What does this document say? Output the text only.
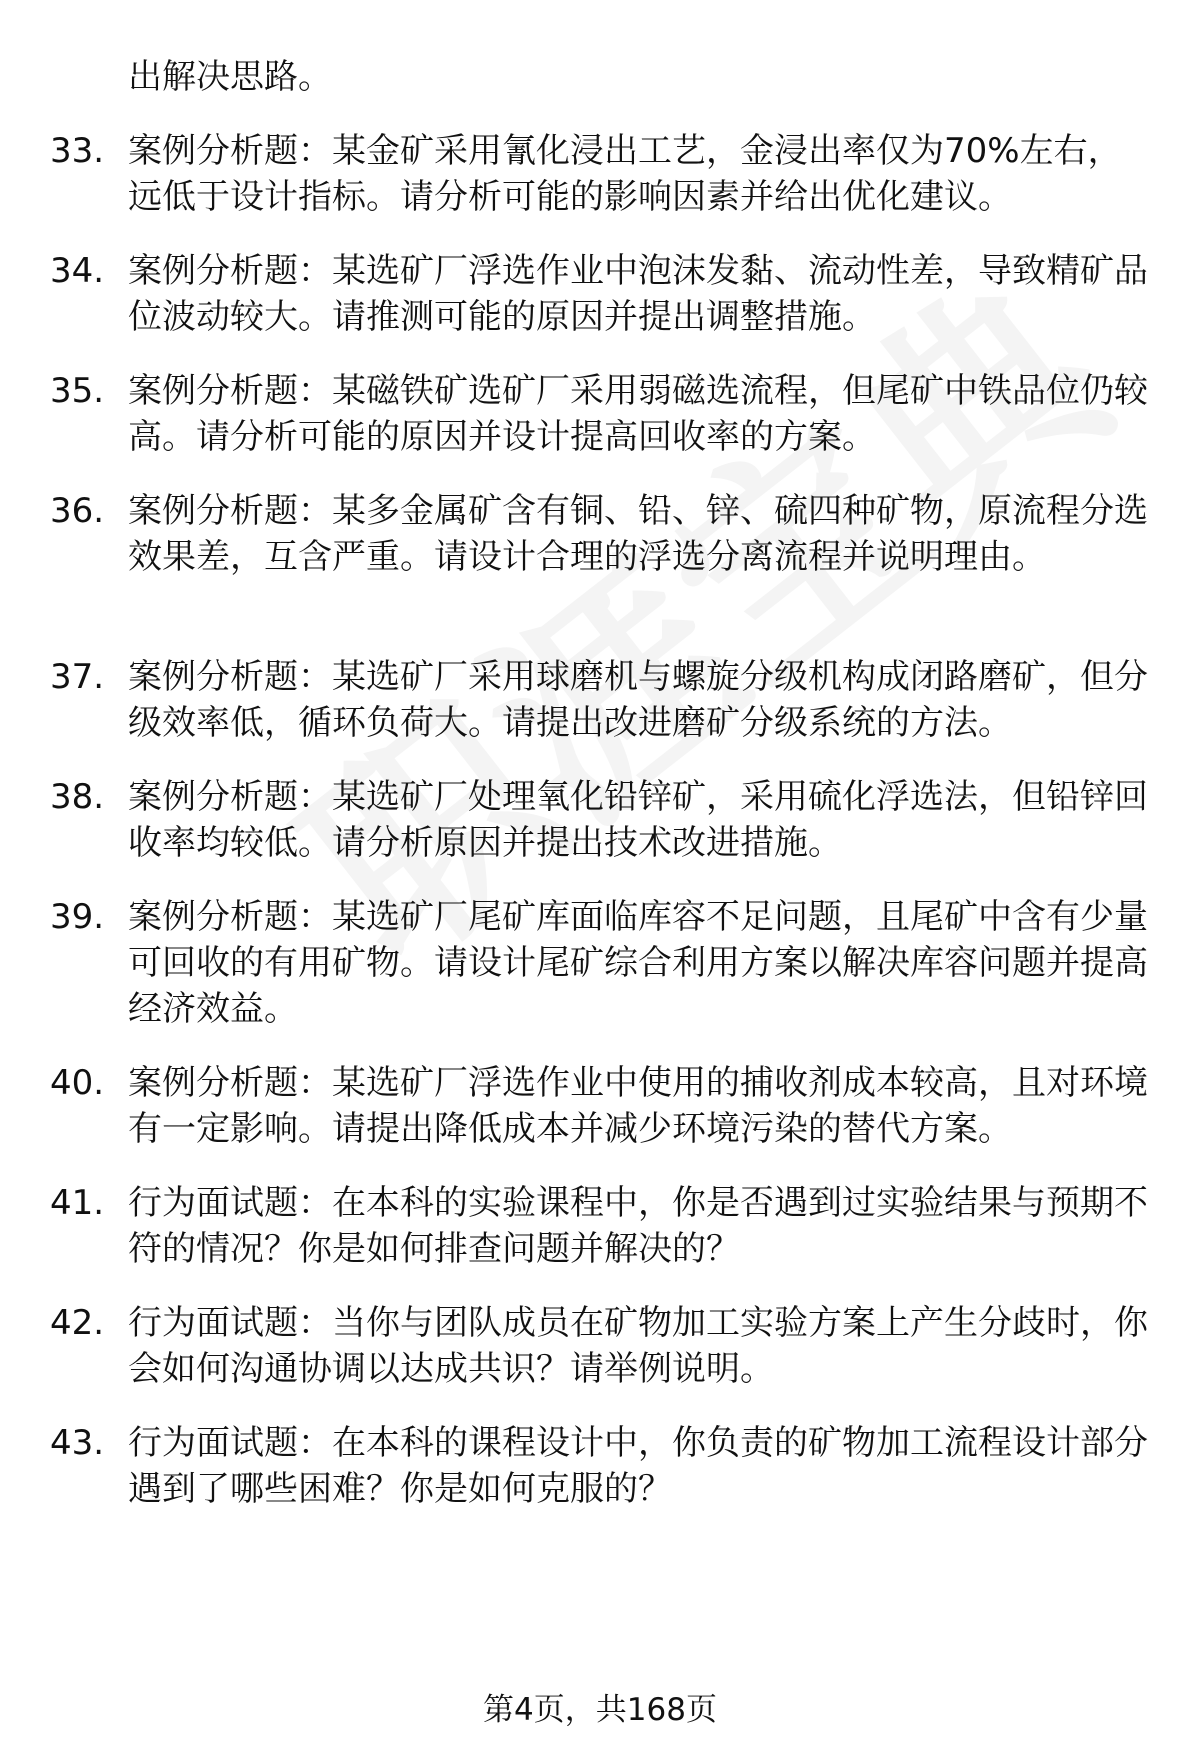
出解决思路。
33. 案例分析题：某金矿采用氰化浸出工艺，金浸出率仅为70%左右，远低于设计指标。请分析可能的影响因素并给出优化建议。
34. 案例分析题：某选矿厂浮选作业中泡沫发黏、流动性差，导致精矿品位波动较大。请推测可能的原因并提出调整措施。
35. 案例分析题：某磁铁矿选矿厂采用弱磁选流程，但尾矿中铁品位仍较高。请分析可能的原因并设计提高回收率的方案。
36. 案例分析题：某多金属矿含有铜、铅、锌、硫四种矿物，原流程分选效果差，互含严重。请设计合理的浮选分离流程并说明理由。
37. 案例分析题：某选矿厂采用球磨机与螺旋分级机构成闭路磨矿，但分级效率低，循环负荷大。请提出改进磨矿分级系统的方法。
38. 案例分析题：某选矿厂处理氧化铅锌矿，采用硫化浮选法，但铅锌回收率均较低。请分析原因并提出技术改进措施。
39. 案例分析题：某选矿厂尾矿库面临库容不足问题，且尾矿中含有少量可回收的有用矿物。请设计尾矿综合利用方案以解决库容问题并提高经济效益。
40. 案例分析题：某选矿厂浮选作业中使用的捕收剂成本较高，且对环境有一定影响。请提出降低成本并减少环境污染的替代方案。
41. 行为面试题：在本科的实验课程中，你是否遇到过实验结果与预期不符的情况？你是如何排查问题并解决的？
42. 行为面试题：当你与团队成员在矿物加工实验方案上产生分歧时，你会如何沟通协调以达成共识？请举例说明。
43. 行为面试题：在本科的课程设计中，你负责的矿物加工流程设计部分遇到了哪些困难？你是如何克服的？
第4页，共168页
